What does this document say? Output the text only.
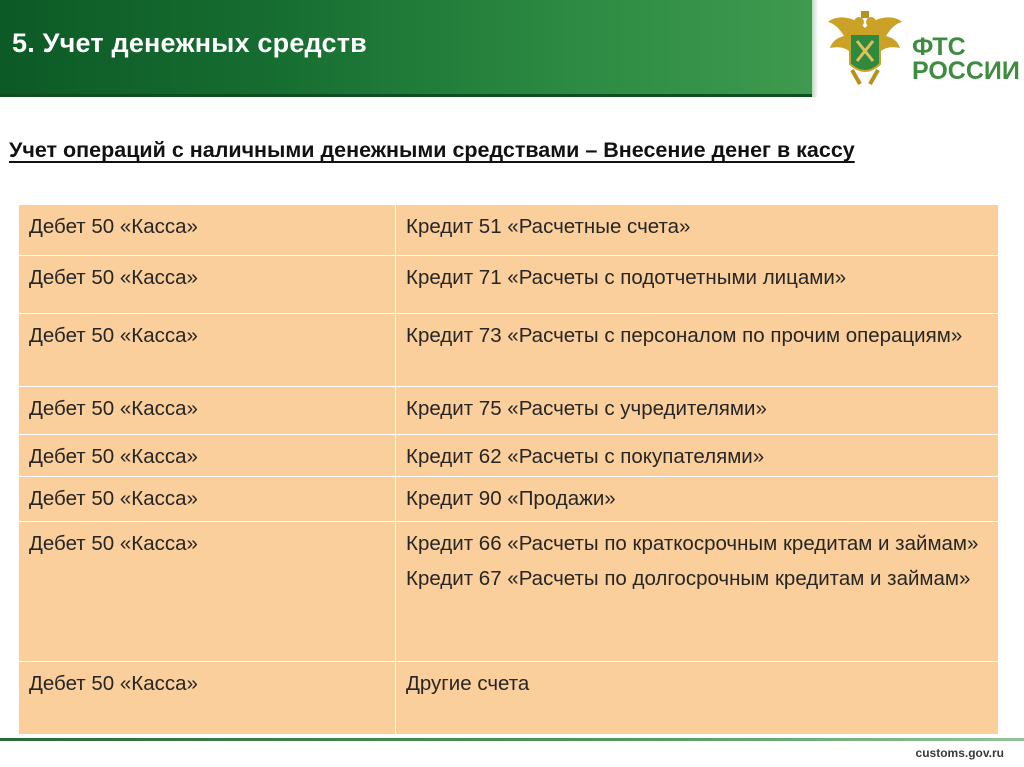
5. Учет денежных средств	ФТС
РОССИИ
Учет операций с наличными денежными средствами – Внесение денег в кассу
Дебет 50 «Касса»	Кредит 51 «Расчетные счета»

Дебет 50 «Касса»	Кредит 71 «Расчеты с подотчетными лицами»

Дебет 50 «Касса»	Кредит 73 «Расчеты с персоналом по прочим операциям»

Дебет 50 «Касса»	Кредит 75 «Расчеты с учредителями»

Дебет 50 «Касса»	Кредит 62 «Расчеты с покупателями»

Дебет 50 «Касса»	Кредит 90 «Продажи»

Дебет 50 «Касса»	Кредит 66 «Расчеты по краткосрочным кредитам и займам»
Кредит 67 «Расчеты по долгосрочным кредитам и займам»

Дебет 50 «Касса»	Другие счета
customs.gov.ru
